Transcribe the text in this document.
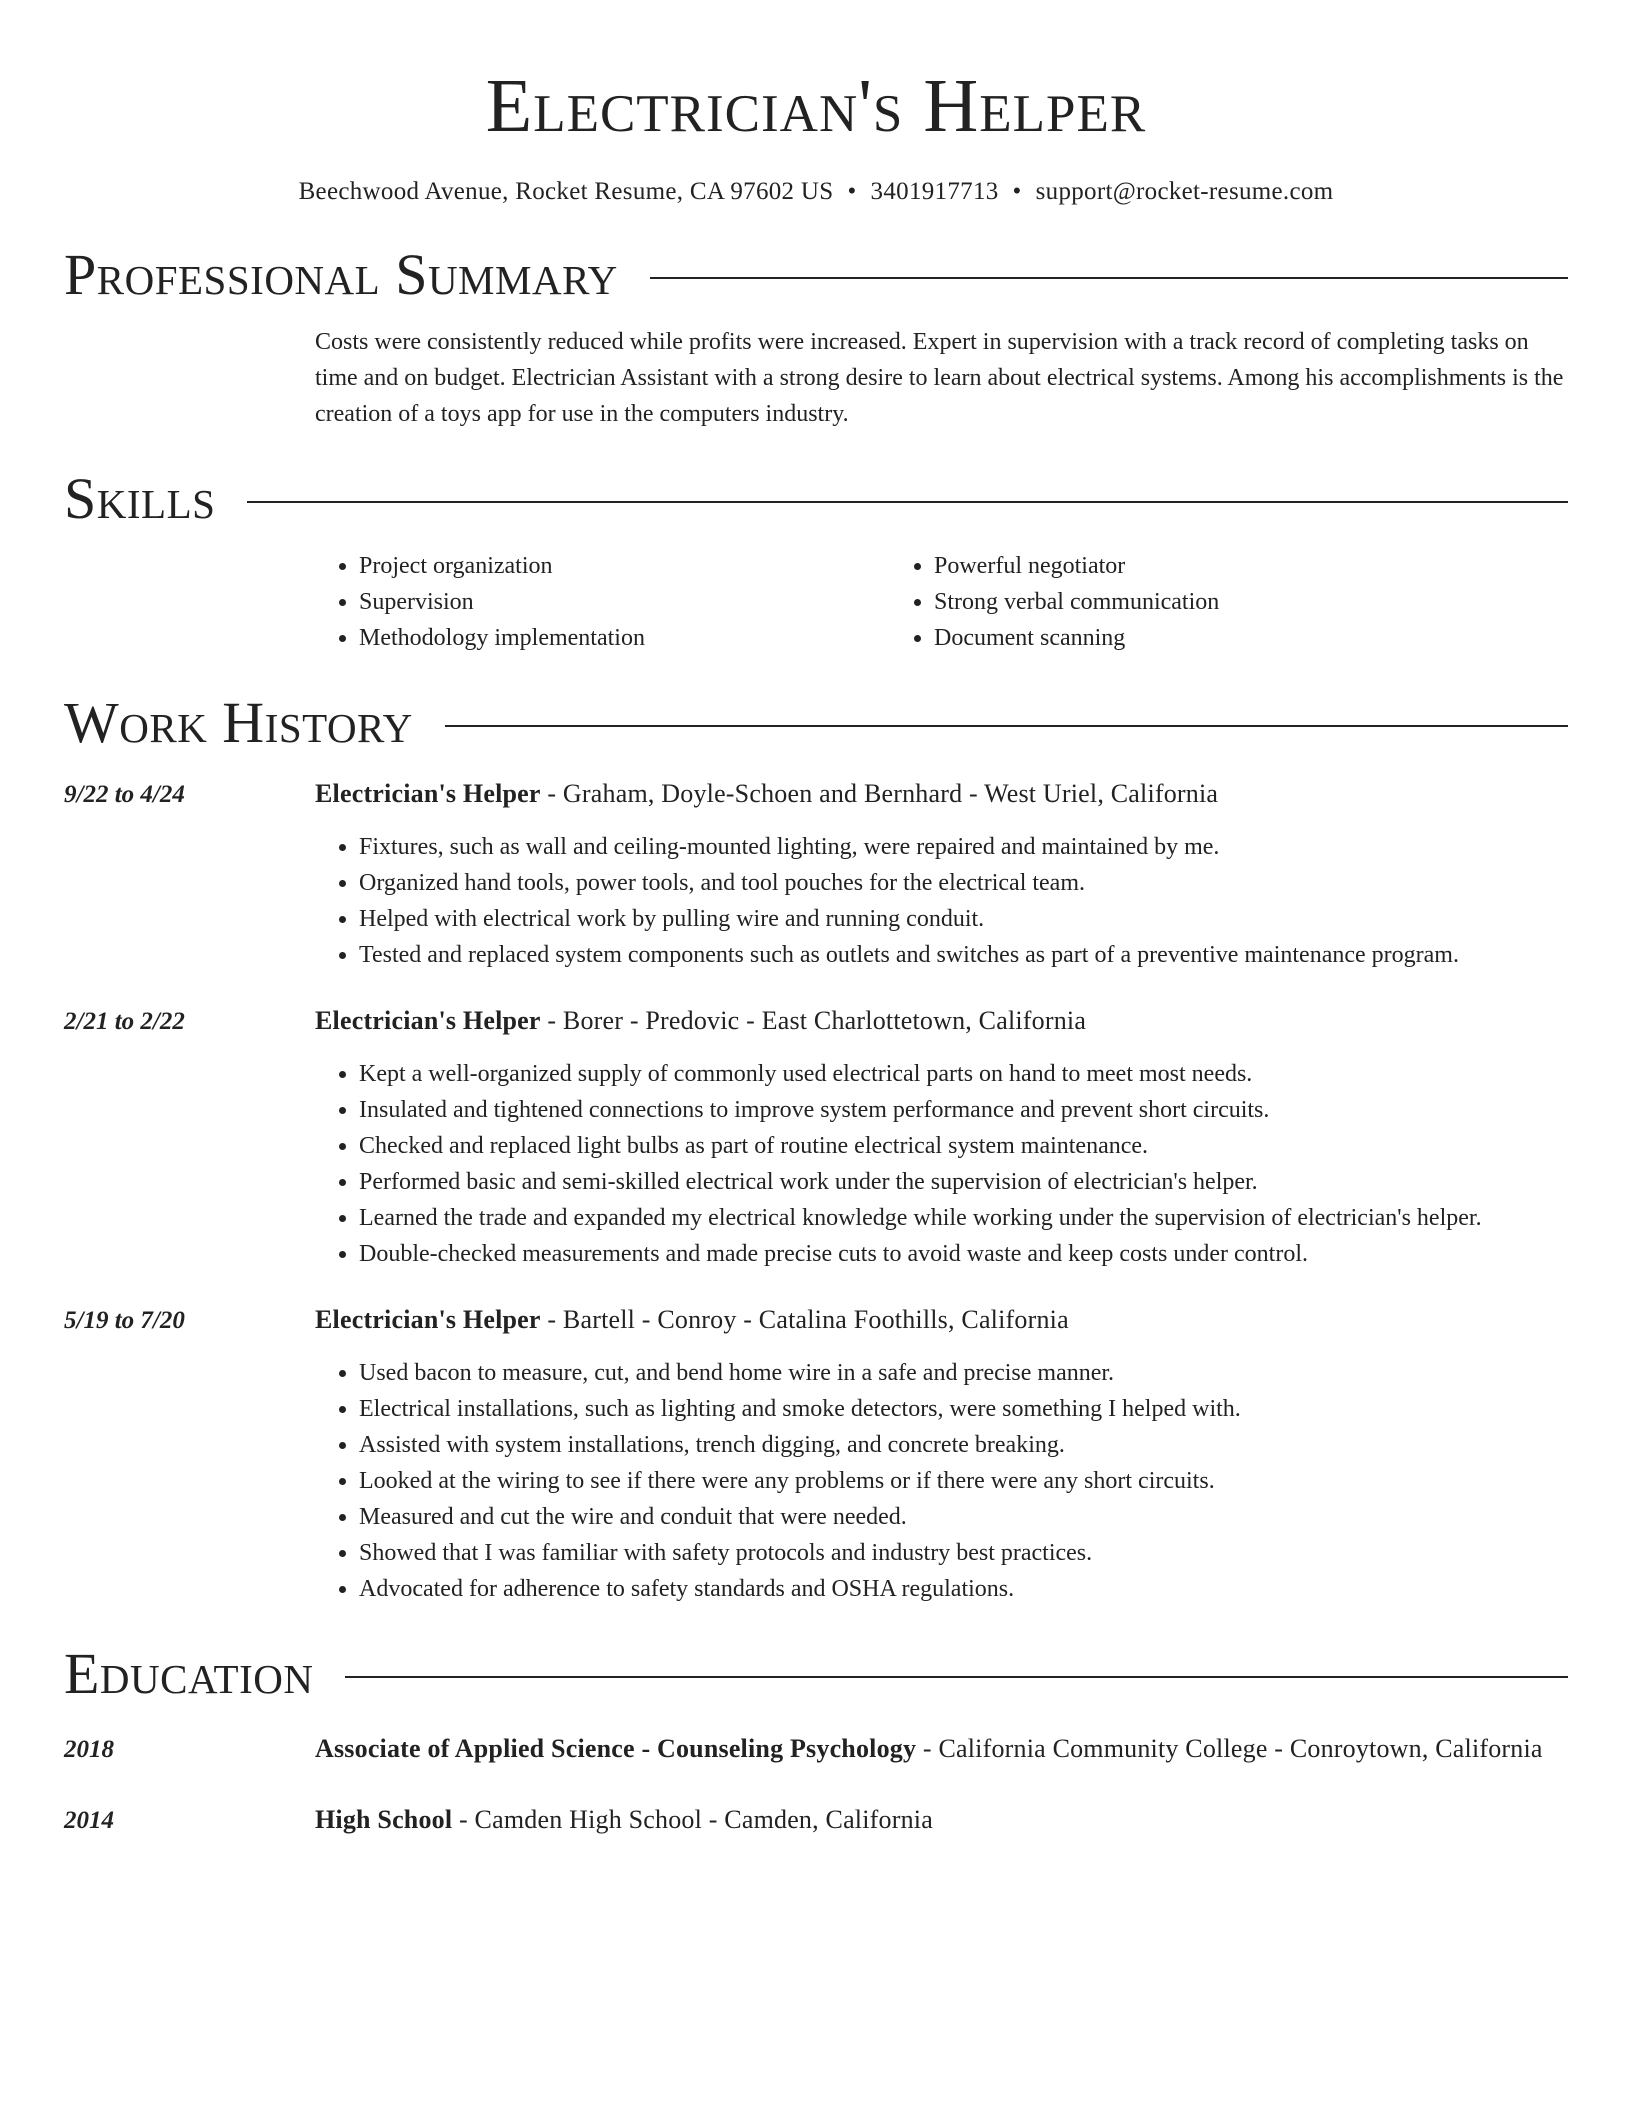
Electrician's Helper
Beechwood Avenue, Rocket Resume, CA 97602 US • 3401917713 • support@rocket-resume.com
Professional Summary
Costs were consistently reduced while profits were increased. Expert in supervision with a track record of completing tasks on time and on budget. Electrician Assistant with a strong desire to learn about electrical systems. Among his accomplishments is the creation of a toys app for use in the computers industry.
Skills
• Project organization
• Supervision
• Methodology implementation
• Powerful negotiator
• Strong verbal communication
• Document scanning
Work History
9/22 to 4/24	Electrician's Helper - Graham, Doyle-Schoen and Bernhard - West Uriel, California
• Fixtures, such as wall and ceiling-mounted lighting, were repaired and maintained by me.
• Organized hand tools, power tools, and tool pouches for the electrical team.
• Helped with electrical work by pulling wire and running conduit.
• Tested and replaced system components such as outlets and switches as part of a preventive maintenance program.
2/21 to 2/22	Electrician's Helper - Borer - Predovic - East Charlottetown, California
• Kept a well-organized supply of commonly used electrical parts on hand to meet most needs.
• Insulated and tightened connections to improve system performance and prevent short circuits.
• Checked and replaced light bulbs as part of routine electrical system maintenance.
• Performed basic and semi-skilled electrical work under the supervision of electrician's helper.
• Learned the trade and expanded my electrical knowledge while working under the supervision of electrician's helper.
• Double-checked measurements and made precise cuts to avoid waste and keep costs under control.
5/19 to 7/20	Electrician's Helper - Bartell - Conroy - Catalina Foothills, California
• Used bacon to measure, cut, and bend home wire in a safe and precise manner.
• Electrical installations, such as lighting and smoke detectors, were something I helped with.
• Assisted with system installations, trench digging, and concrete breaking.
• Looked at the wiring to see if there were any problems or if there were any short circuits.
• Measured and cut the wire and conduit that were needed.
• Showed that I was familiar with safety protocols and industry best practices.
• Advocated for adherence to safety standards and OSHA regulations.
Education
2018	Associate of Applied Science - Counseling Psychology - California Community College - Conroytown, California
2014	High School - Camden High School - Camden, California
